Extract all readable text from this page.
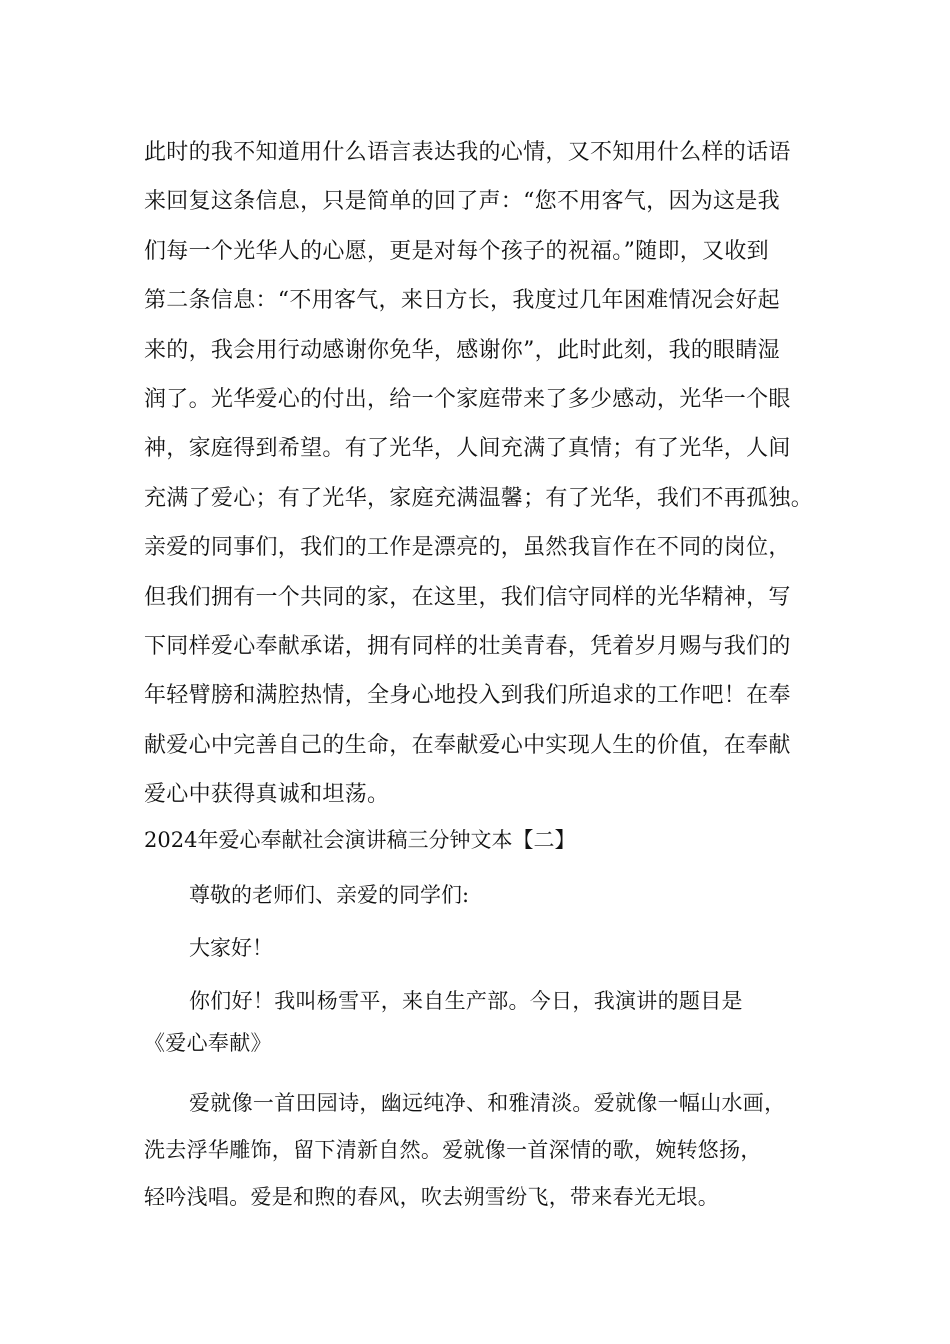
此时的我不知道用什么语言表达我的心情，又不知用什么样的话语
来回复这条信息，只是简单的回了声：“您不用客气，因为这是我
们每一个光华人的心愿，更是对每个孩子的祝福。”随即，又收到
第二条信息：“不用客气，来日方长，我度过几年困难情况会好起
来的，我会用行动感谢你免华，感谢你”，此时此刻，我的眼睛湿
润了。光华爱心的付出，给一个家庭带来了多少感动，光华一个眼
神，家庭得到希望。有了光华，人间充满了真情；有了光华，人间
充满了爱心；有了光华，家庭充满温馨；有了光华，我们不再孤独。
亲爱的同事们，我们的工作是漂亮的，虽然我盲作在不同的岗位，
但我们拥有一个共同的家，在这里，我们信守同样的光华精神，写
下同样爱心奉献承诺，拥有同样的壮美青春，凭着岁月赐与我们的
年轻臂膀和满腔热情，全身心地投入到我们所追求的工作吧！在奉
献爱心中完善自己的生命，在奉献爱心中实现人生的价值，在奉献
爱心中获得真诚和坦荡。
2024年爱心奉献社会演讲稿三分钟文本【二】
尊敬的老师们、亲爱的同学们:
大家好！
你们好！我叫杨雪平，来自生产部。今日，我演讲的题目是
《爱心奉献》
爱就像一首田园诗，幽远纯净、和雅清淡。爱就像一幅山水画，
洗去浮华雕饰，留下清新自然。爱就像一首深情的歌，婉转悠扬，
轻吟浅唱。爱是和煦的春风，吹去朔雪纷飞，带来春光无垠。
